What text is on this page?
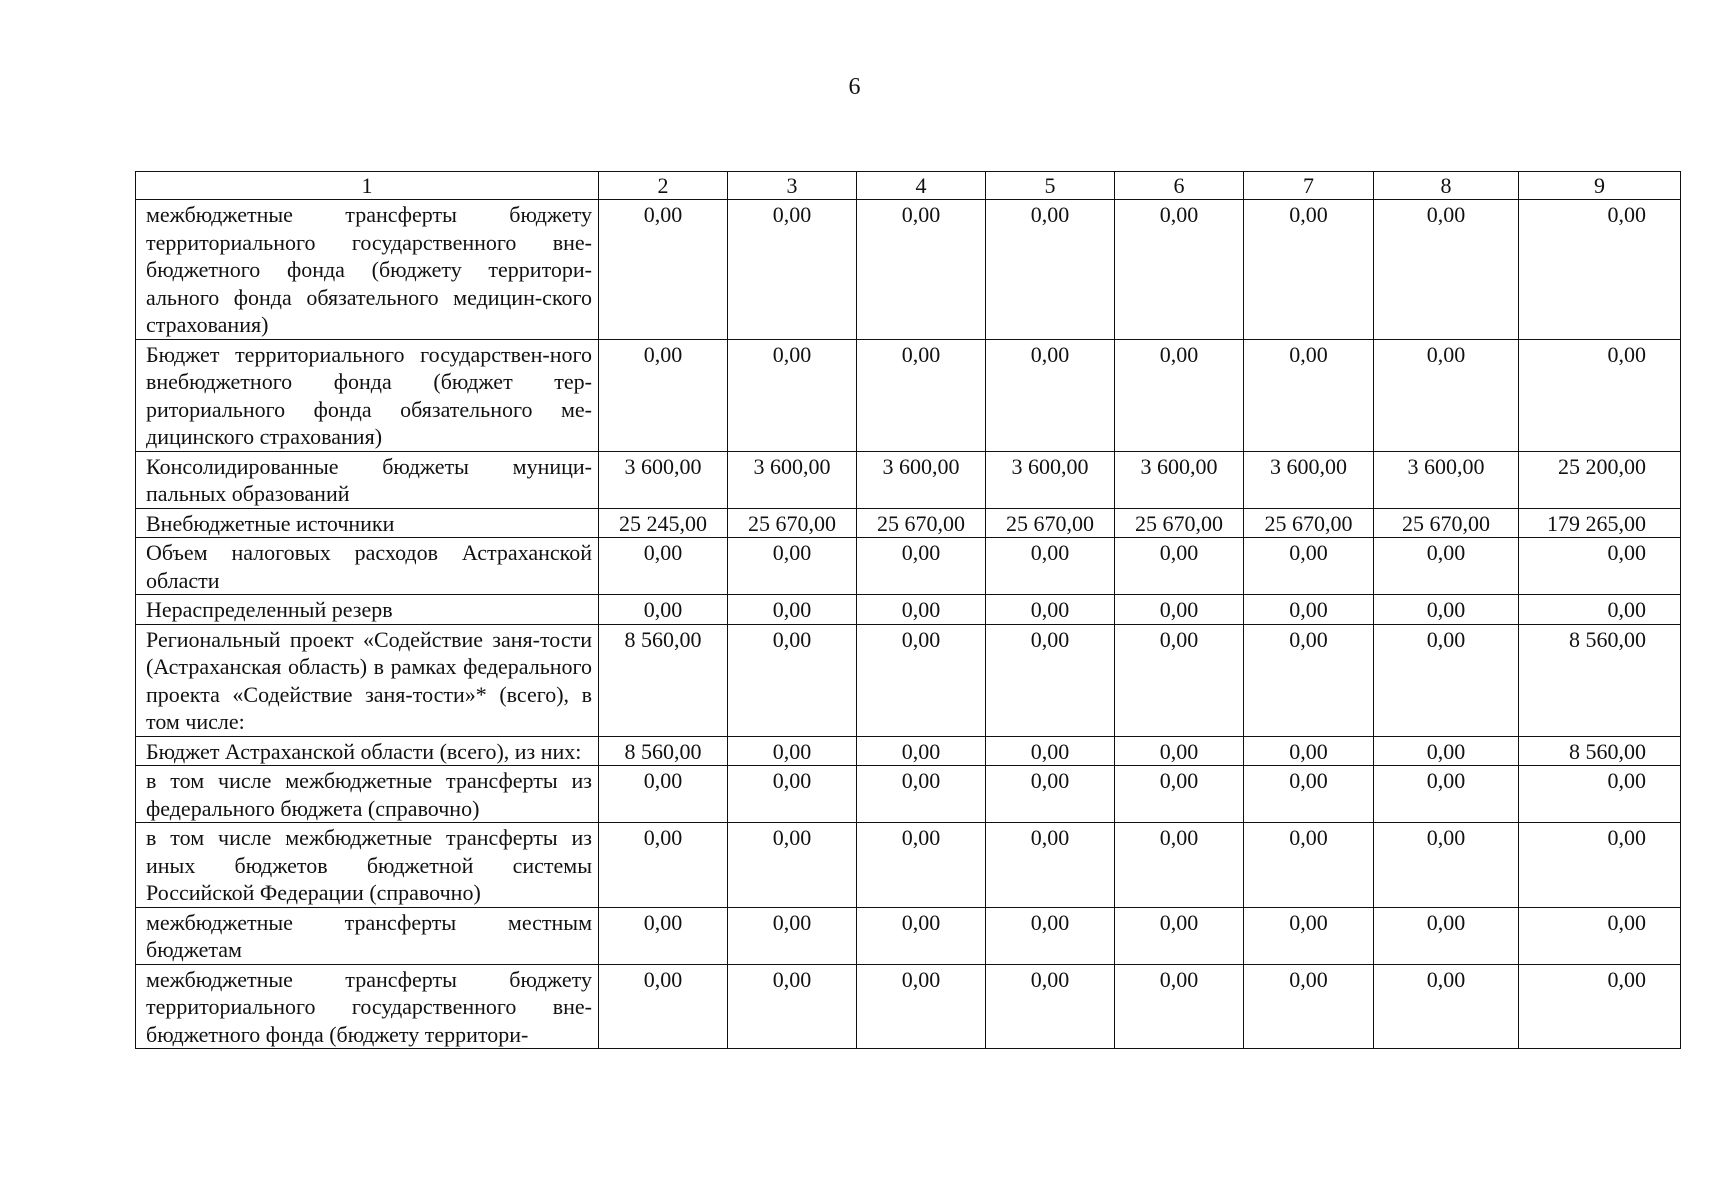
6
1	2	3	4	5	6	7	8	9
межбюджетные трансферты бюджету территориального государственного вне-бюджетного фонда (бюджету территори-ального фонда обязательного медицин-ского страхования)	0,00	0,00	0,00	0,00	0,00	0,00	0,00	0,00
Бюджет территориального государствен-ного внебюджетного фонда (бюджет тер-риториального фонда обязательного ме-дицинского страхования)	0,00	0,00	0,00	0,00	0,00	0,00	0,00	0,00
Консолидированные бюджеты муници-пальных образований	3 600,00	3 600,00	3 600,00	3 600,00	3 600,00	3 600,00	3 600,00	25 200,00
Внебюджетные источники	25 245,00	25 670,00	25 670,00	25 670,00	25 670,00	25 670,00	25 670,00	179 265,00
Объем налоговых расходов Астраханской области	0,00	0,00	0,00	0,00	0,00	0,00	0,00	0,00
Нераспределенный резерв	0,00	0,00	0,00	0,00	0,00	0,00	0,00	0,00
Региональный проект «Содействие заня-тости (Астраханская область) в рамках федерального проекта «Содействие заня-тости»* (всего), в том числе:	8 560,00	0,00	0,00	0,00	0,00	0,00	0,00	8 560,00
Бюджет Астраханской области (всего), из них:	8 560,00	0,00	0,00	0,00	0,00	0,00	0,00	8 560,00
в том числе межбюджетные трансферты из федерального бюджета (справочно)	0,00	0,00	0,00	0,00	0,00	0,00	0,00	0,00
в том числе межбюджетные трансферты из иных бюджетов бюджетной системы Российской Федерации (справочно)	0,00	0,00	0,00	0,00	0,00	0,00	0,00	0,00
межбюджетные трансферты местным бюджетам	0,00	0,00	0,00	0,00	0,00	0,00	0,00	0,00
межбюджетные трансферты бюджету территориального государственного вне-бюджетного фонда (бюджету территори-	0,00	0,00	0,00	0,00	0,00	0,00	0,00	0,00
